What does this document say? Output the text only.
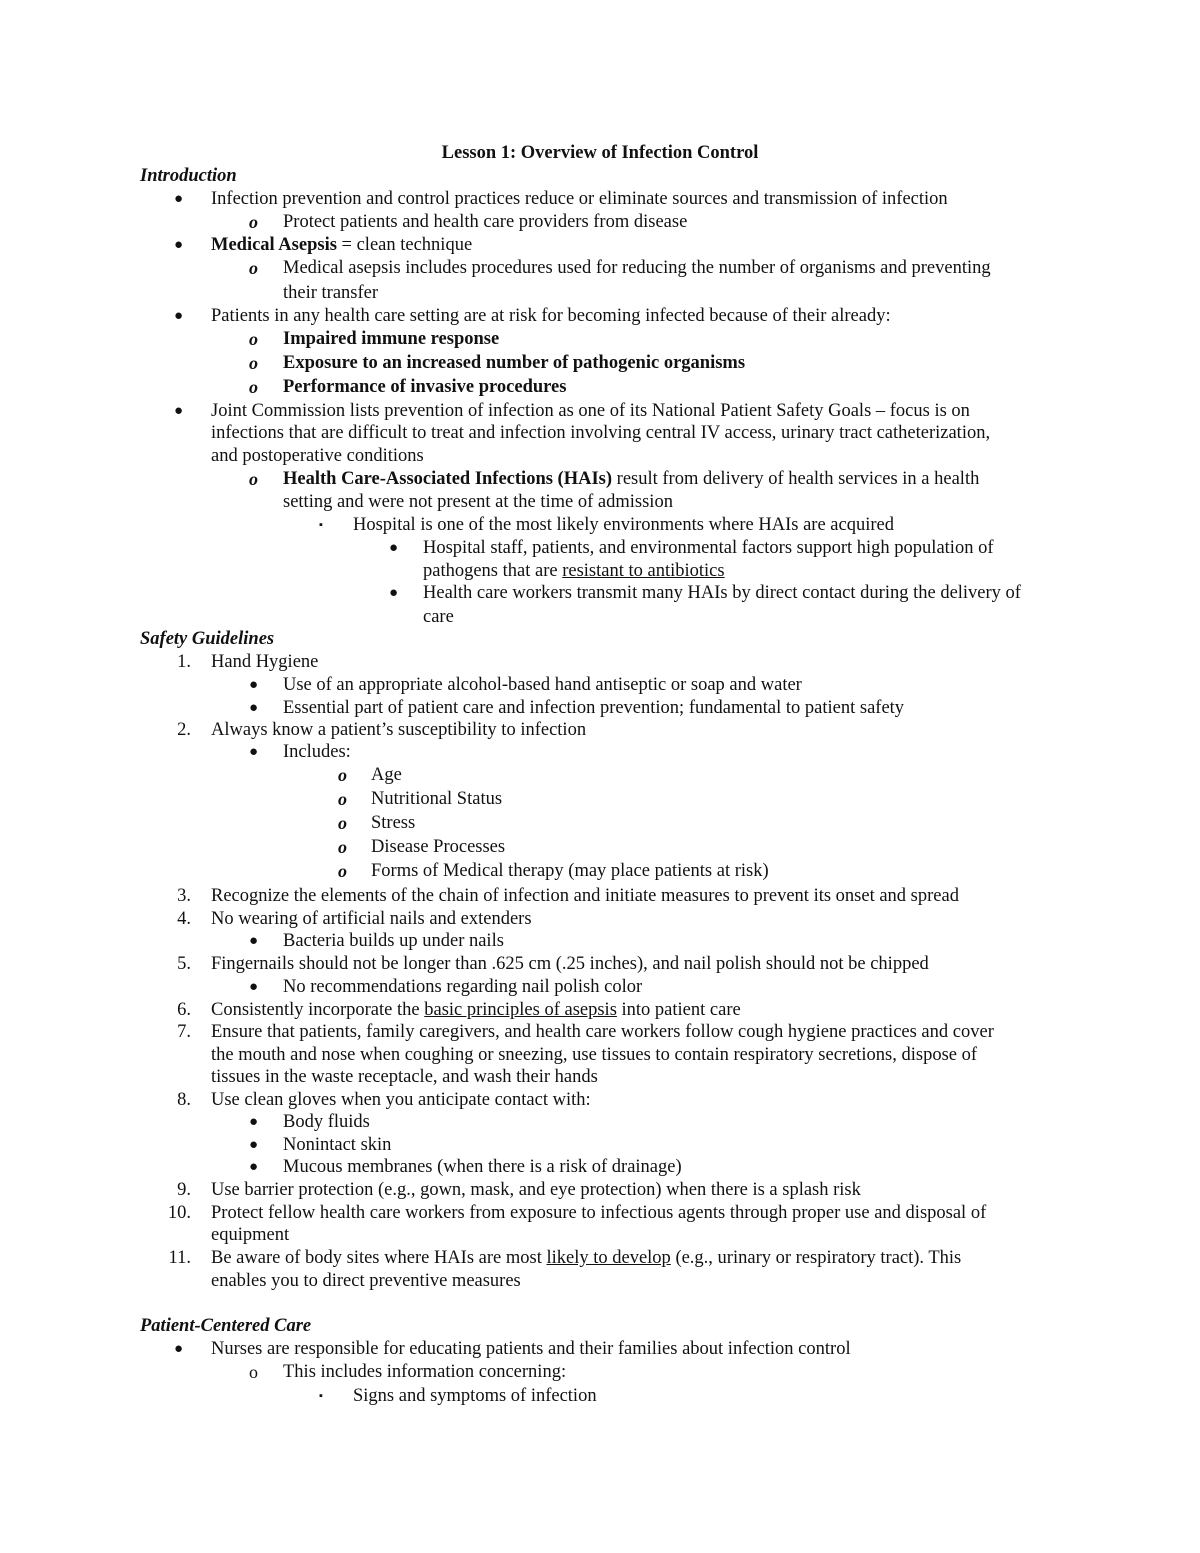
Lesson 1: Overview of Infection Control
Introduction
● Infection prevention and control practices reduce or eliminate sources and transmission of infection
o Protect patients and health care providers from disease
● Medical Asepsis = clean technique
o Medical asepsis includes procedures used for reducing the number of organisms and preventing
their transfer
● Patients in any health care setting are at risk for becoming infected because of their already:
o Impaired immune response
o Exposure to an increased number of pathogenic organisms
o Performance of invasive procedures
● Joint Commission lists prevention of infection as one of its National Patient Safety Goals – focus is on
infections that are difficult to treat and infection involving central IV access, urinary tract catheterization,
and postoperative conditions
o Health Care-Associated Infections (HAIs) result from delivery of health services in a health
setting and were not present at the time of admission
▪ Hospital is one of the most likely environments where HAIs are acquired
● Hospital staff, patients, and environmental factors support high population of
pathogens that are resistant to antibiotics
● Health care workers transmit many HAIs by direct contact during the delivery of
care
Safety Guidelines
1. Hand Hygiene
● Use of an appropriate alcohol-based hand antiseptic or soap and water
● Essential part of patient care and infection prevention; fundamental to patient safety
2. Always know a patient’s susceptibility to infection
● Includes:
o Age
o Nutritional Status
o Stress
o Disease Processes
o Forms of Medical therapy (may place patients at risk)
3. Recognize the elements of the chain of infection and initiate measures to prevent its onset and spread
4. No wearing of artificial nails and extenders
● Bacteria builds up under nails
5. Fingernails should not be longer than .625 cm (.25 inches), and nail polish should not be chipped
● No recommendations regarding nail polish color
6. Consistently incorporate the basic principles of asepsis into patient care
7. Ensure that patients, family caregivers, and health care workers follow cough hygiene practices and cover
the mouth and nose when coughing or sneezing, use tissues to contain respiratory secretions, dispose of
tissues in the waste receptacle, and wash their hands
8. Use clean gloves when you anticipate contact with:
● Body fluids
● Nonintact skin
● Mucous membranes (when there is a risk of drainage)
9. Use barrier protection (e.g., gown, mask, and eye protection) when there is a splash risk
10. Protect fellow health care workers from exposure to infectious agents through proper use and disposal of
equipment
11. Be aware of body sites where HAIs are most likely to develop (e.g., urinary or respiratory tract). This
enables you to direct preventive measures
Patient-Centered Care
● Nurses are responsible for educating patients and their families about infection control
o This includes information concerning:
▪ Signs and symptoms of infection
